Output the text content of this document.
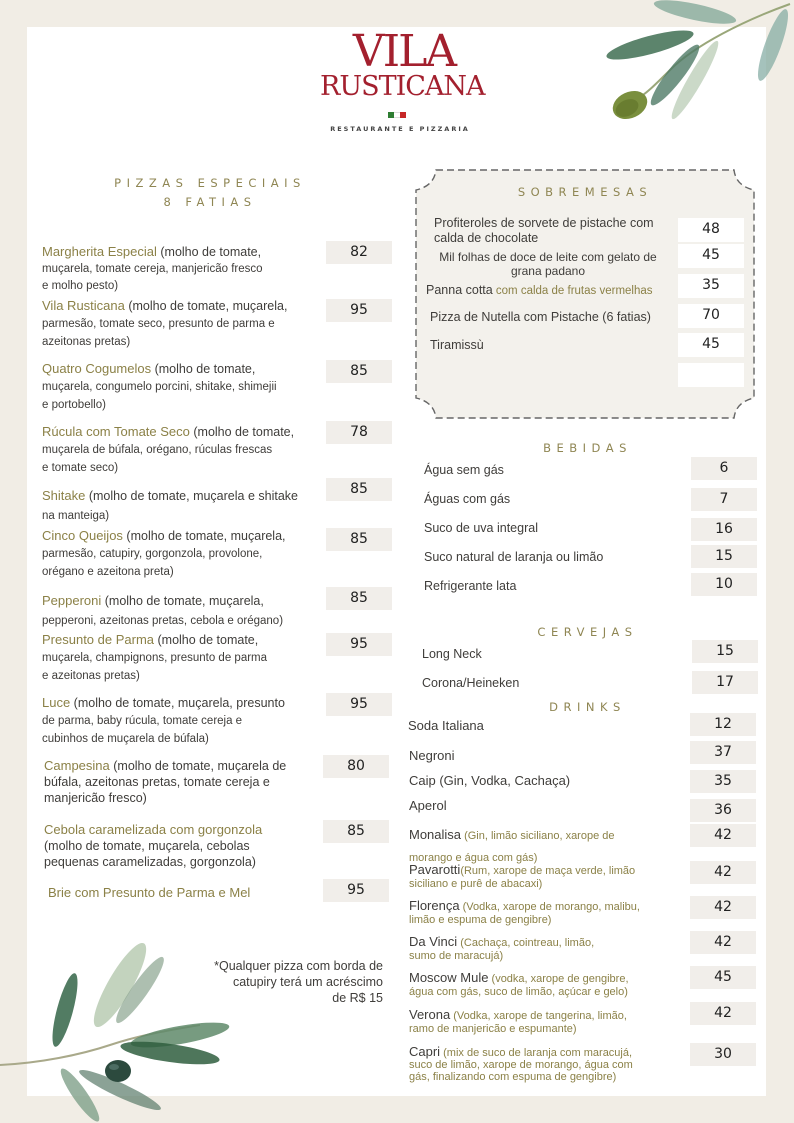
VILA
RUSTICANA
RESTAURANTE E PIZZARIA
PIZZAS ESPECIAIS
8 FATIAS
Margherita Especial (molho de tomate,
muçarela, tomate cereja, manjericão fresco
e molho pesto)
82
Vila Rusticana (molho de tomate, muçarela,
parmesão, tomate seco, presunto de parma e
azeitonas pretas)
95
Quatro Cogumelos (molho de tomate,
muçarela, congumelo porcini, shitake, shimejii
e portobello)
85
Rúcula com Tomate Seco (molho de tomate,
muçarela de búfala, orégano, rúculas frescas
e tomate seco)
78
Shitake (molho de tomate, muçarela e shitake
na manteiga)
85
Cinco Queijos (molho de tomate, muçarela,
parmesão, catupiry, gorgonzola, provolone,
orégano e azeitona preta)
85
Pepperoni (molho de tomate, muçarela,
pepperoni, azeitonas pretas, cebola e orégano)
85
Presunto de Parma (molho de tomate,
muçarela, champignons, presunto de parma
e azeitonas pretas)
95
Luce (molho de tomate, muçarela, presunto
de parma, baby rúcula, tomate cereja e
cubinhos de muçarela de búfala)
95
Campesina (molho de tomate, muçarela de
búfala, azeitonas pretas, tomate cereja e
manjericão fresco)
80
Cebola caramelizada com gorgonzola
(molho de tomate, muçarela, cebolas
pequenas caramelizadas, gorgonzola)
85
Brie com Presunto de Parma e Mel	95
*Qualquer pizza com borda de
catupiry terá um acréscimo
de R$ 15
SOBREMESAS
Profiteroles de sorvete de pistache com
calda de chocolate
48
Mil folhas de doce de leite com gelato de
grana padano
45
Panna cotta com calda de frutas vermelhas	35
Pizza de Nutella com Pistache (6 fatias)	70
Tiramissù	45
BEBIDAS
Água sem gás	6
Águas com gás	7
Suco de uva integral	16
Suco natural de laranja ou limão	15
Refrigerante lata	10
CERVEJAS
Long Neck	15
Corona/Heineken	17
DRINKS
Soda Italiana	12
Negroni	37
Caip (Gin, Vodka, Cachaça)	35
Aperol	36
Monalisa (Gin, limão siciliano, xarope de
morango e água com gás)
42
Pavarotti(Rum, xarope de maça verde, limão
siciliano e purê de abacaxi)
42
Florença (Vodka, xarope de morango, malibu,
limão e espuma de gengibre)
42
Da Vinci (Cachaça, cointreau, limão,
sumo de maracujá)
42
Moscow Mule (vodka, xarope de gengibre,
água com gás, suco de limão, açúcar e gelo)
45
Verona (Vodka, xarope de tangerina, limão,
ramo de manjericão e espumante)
42
Capri (mix de suco de laranja com maracujá,
suco de limão, xarope de morango, água com
gás, finalizando com espuma de gengibre)
30
